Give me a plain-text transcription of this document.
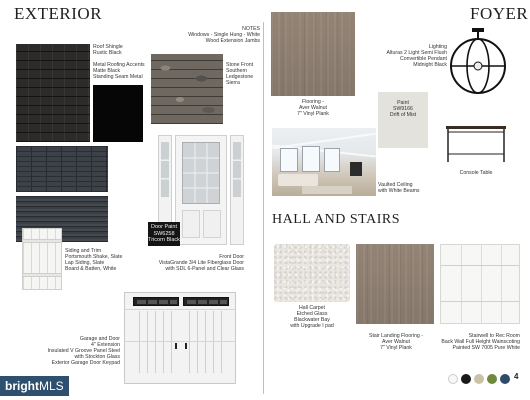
EXTERIOR	FOYER
HALL AND STAIRS
NOTES
Windows - Single Hung - White
Wood Extension Jambs
Roof Shingle
Rustic Black
Metal Roofing Accents
Matte Black
Standing Seam Metal
Stone Front
Southern
Ledgestone
Sierra
Siding and Trim
Portsmouth Shake, Slate
Lap Siding, Slate
Board & Batten, White
Door Paint
SW6258
Tricorn Black
Front Door
VistaGrande 3/4 Lite Fiberglass Door
with SDL 6-Panel and Clear Glass
Garage and Door
4" Extension
Insulated V Groove Panel Steel
with Stockton Glass
Exterior Garage Door Keypad
Flooring -
Aver Walnut
7" Vinyl Plank
Lighting
Alturas 2 Light Semi Flush
Convertible Pendant
Midnight Black
Paint
SW9166
Drift of Mist
Vaulted Ceiling
with White Beams
Console Table
Hall Carpet
Etched Glass
Blackwater Bay
with Upgrade I pad
Stair Landing Flooring -
Aver Walnut
7" Vinyl Plank
Stairwell to Rec Room
Back Wall Full Height Wainscoting
Painted SW 7005 Pure White
4
brightMLS
